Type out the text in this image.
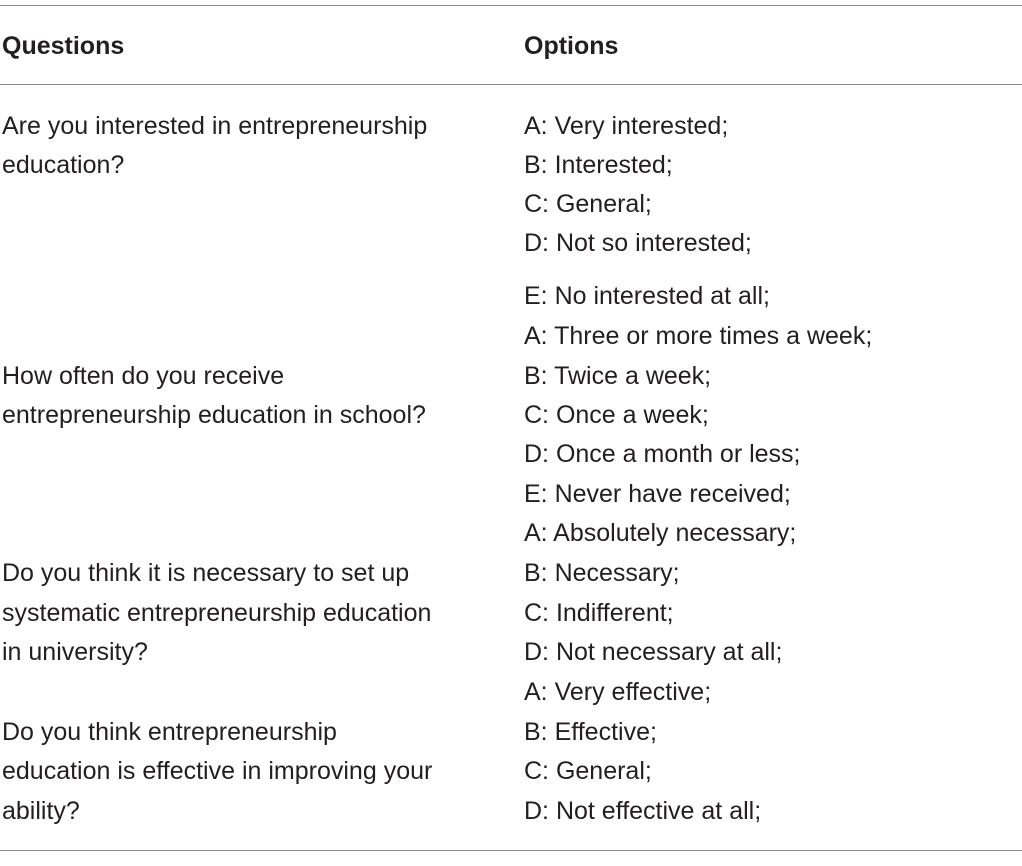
Questions	Options
Are you interested in entrepreneurship
education?
A: Very interested;
B: Interested;
C: General;
D: Not so interested;
E: No interested at all;
How often do you receive
entrepreneurship education in school?
A: Three or more times a week;
B: Twice a week;
C: Once a week;
D: Once a month or less;
E: Never have received;
Do you think it is necessary to set up
systematic entrepreneurship education
in university?
A: Absolutely necessary;
B: Necessary;
C: Indifferent;
D: Not necessary at all;
Do you think entrepreneurship
education is effective in improving your
ability?
A: Very effective;
B: Effective;
C: General;
D: Not effective at all;
